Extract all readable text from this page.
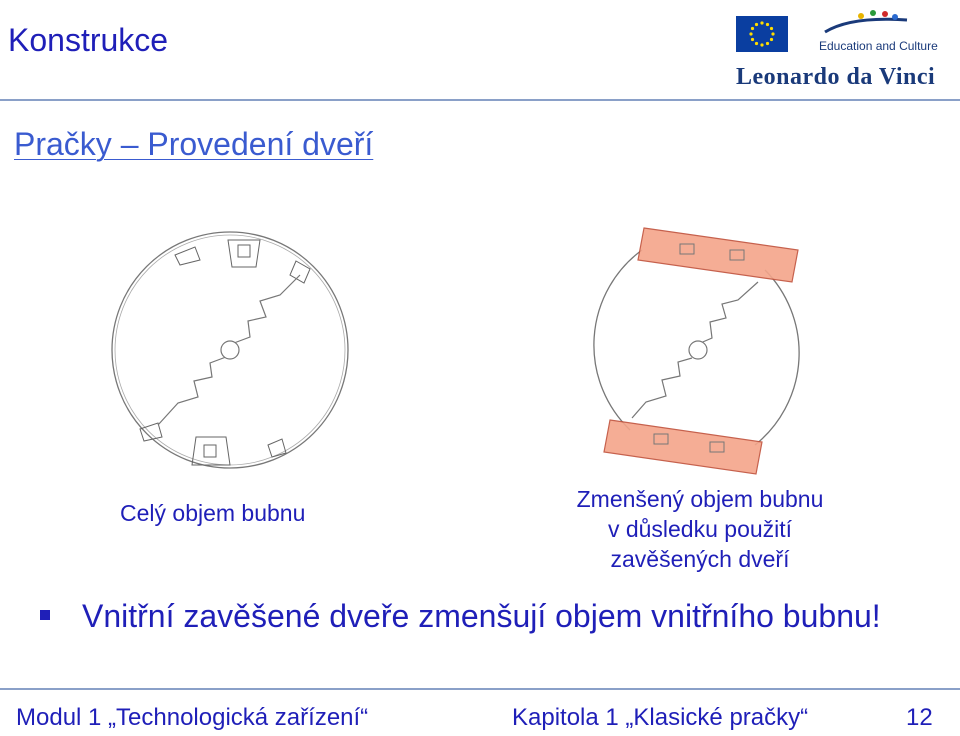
Konstrukce	Education and Culture
Leonardo da Vinci
Pračky – Provedení dveří
Celý objem bubnu
Zmenšený objem bubnu
v důsledku použití
zavěšených dveří
Vnitřní zavěšené dveře zmenšují objem vnitřního bubnu!
Modul 1 „Technologická zařízení“	Kapitola 1 „Klasické pračky“	12
